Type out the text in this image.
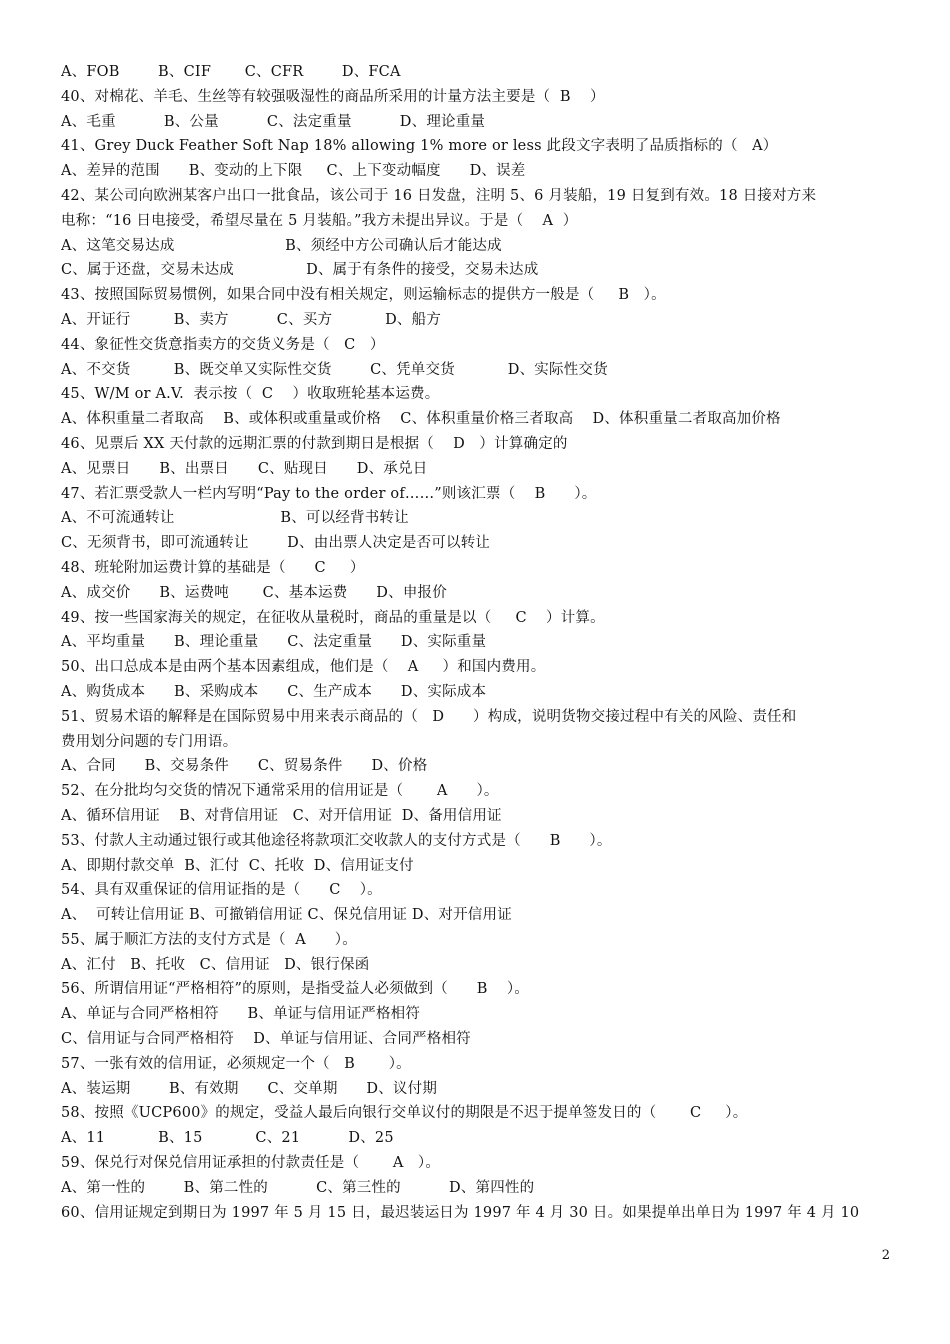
A、FOB        B、CIF       C、CFR        D、FCA
40、对棉花、羊毛、生丝等有较强吸湿性的商品所采用的计量方法主要是（  B    ）
A、毛重          B、公量          C、法定重量          D、理论重量
41、Grey Duck Feather Soft Nap 18% allowing 1% more or less 此段文字表明了品质指标的（   A）
A、差异的范围      B、变动的上下限     C、上下变动幅度      D、误差
42、某公司向欧洲某客户出口一批食品，该公司于 16 日发盘，注明 5、6 月装船，19 日复到有效。18 日接对方来
电称：“16 日电接受，希望尽量在 5 月装船。”我方未提出异议。于是（    A  ）
A、这笔交易达成                       B、须经中方公司确认后才能达成
C、属于还盘，交易未达成               D、属于有条件的接受，交易未达成
43、按照国际贸易惯例，如果合同中没有相关规定，则运输标志的提供方一般是（     B   ）。
A、开证行         B、卖方          C、买方           D、船方
44、象征性交货意指卖方的交货义务是（   C   ）
A、不交货         B、既交单又实际性交货        C、凭单交货           D、实际性交货
45、W/M or A.V.  表示按（  C    ）收取班轮基本运费。
A、体积重量二者取高    B、或体积或重量或价格    C、体积重量价格三者取高    D、体积重量二者取高加价格
46、见票后 XX 天付款的远期汇票的付款到期日是根据（    D   ）计算确定的
A、见票日      B、出票日      C、贴现日      D、承兑日
47、若汇票受款人一栏内写明“Pay to the order of……”则该汇票（    B      ）。
A、不可流通转让                      B、可以经背书转让
C、无须背书，即可流通转让        D、由出票人决定是否可以转让
48、班轮附加运费计算的基础是（      C     ）
A、成交价      B、运费吨       C、基本运费      D、申报价
49、按一些国家海关的规定，在征收从量税时，商品的重量是以（     C    ）计算。
A、平均重量      B、理论重量      C、法定重量      D、实际重量
50、出口总成本是由两个基本因素组成，他们是（    A     ）和国内费用。
A、购货成本      B、采购成本      C、生产成本      D、实际成本
51、贸易术语的解释是在国际贸易中用来表示商品的（   D      ）构成，说明货物交接过程中有关的风险、责任和
费用划分问题的专门用语。
A、合同      B、交易条件      C、贸易条件      D、价格
52、在分批均匀交货的情况下通常采用的信用证是（       A      ）。
A、循环信用证    B、对背信用证   C、对开信用证  D、备用信用证
53、付款人主动通过银行或其他途径将款项汇交收款人的支付方式是（      B      ）。
A、即期付款交单  B、汇付  C、托收  D、信用证支付
54、具有双重保证的信用证指的是（      C    ）。
A、  可转让信用证 B、可撤销信用证 C、保兑信用证 D、对开信用证
55、属于顺汇方法的支付方式是（  A      ）。
A、汇付   B、托收   C、信用证   D、银行保函
56、所谓信用证“严格相符”的原则，是指受益人必须做到（      B    ）。
A、单证与合同严格相符      B、单证与信用证严格相符
C、信用证与合同严格相符    D、单证与信用证、合同严格相符
57、一张有效的信用证，必须规定一个（   B       ）。
A、装运期        B、有效期      C、交单期      D、议付期
58、按照《UCP600》的规定，受益人最后向银行交单议付的期限是不迟于提单签发日的（       C     ）。
A、11           B、15           C、21          D、25
59、保兑行对保兑信用证承担的付款责任是（       A   ）。
A、第一性的        B、第二性的          C、第三性的          D、第四性的
60、信用证规定到期日为 1997 年 5 月 15 日，最迟装运日为 1997 年 4 月 30 日。如果提单出单日为 1997 年 4 月 10
2
